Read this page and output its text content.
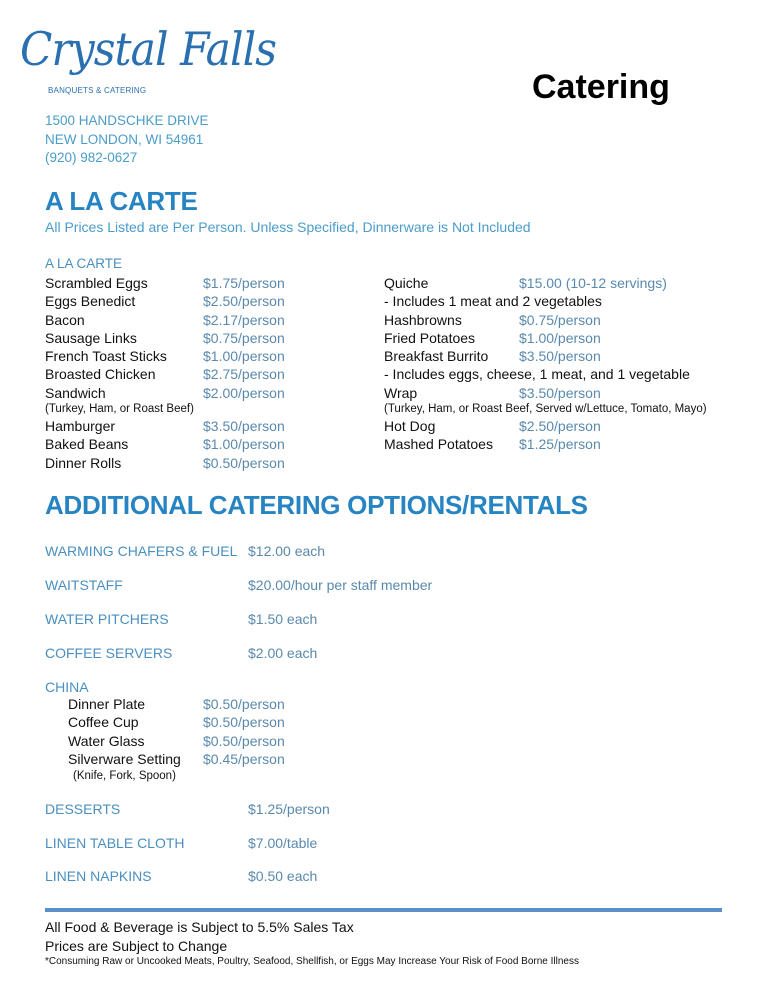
Crystal Falls
BANQUETS & CATERING	Catering
1500 HANDSCHKE DRIVE
NEW LONDON, WI 54961
(920) 982-0627
A LA CARTE
All Prices Listed are Per Person. Unless Specified, Dinnerware is Not Included
A LA CARTE
Scrambled Eggs	$1.75/person
Eggs Benedict	$2.50/person
Bacon	$2.17/person
Sausage Links	$0.75/person
French Toast Sticks	$1.00/person
Broasted Chicken	$2.75/person
Sandwich	$2.00/person
(Turkey, Ham, or Roast Beef)
Hamburger	$3.50/person
Baked Beans	$1.00/person
Dinner Rolls	$0.50/person
Quiche	$15.00 (10-12 servings)
- Includes 1 meat and 2 vegetables
Hashbrowns	$0.75/person
Fried Potatoes	$1.00/person
Breakfast Burrito	$3.50/person
- Includes eggs, cheese, 1 meat, and 1 vegetable
Wrap	$3.50/person
(Turkey, Ham, or Roast Beef, Served w/Lettuce, Tomato, Mayo)
Hot Dog	$2.50/person
Mashed Potatoes	$1.25/person
ADDITIONAL CATERING OPTIONS/RENTALS
WARMING CHAFERS & FUEL $12.00 each
WAITSTAFF	$20.00/hour per staff member
WATER PITCHERS	$1.50 each
COFFEE SERVERS	$2.00 each
CHINA
Dinner Plate	$0.50/person
Coffee Cup	$0.50/person
Water Glass	$0.50/person
Silverware Setting	$0.45/person
(Knife, Fork, Spoon)
DESSERTS	$1.25/person
LINEN TABLE CLOTH	$7.00/table
LINEN NAPKINS	$0.50 each
All Food & Beverage is Subject to 5.5% Sales Tax
Prices are Subject to Change
*Consuming Raw or Uncooked Meats, Poultry, Seafood, Shellfish, or Eggs May Increase Your Risk of Food Borne Illness
